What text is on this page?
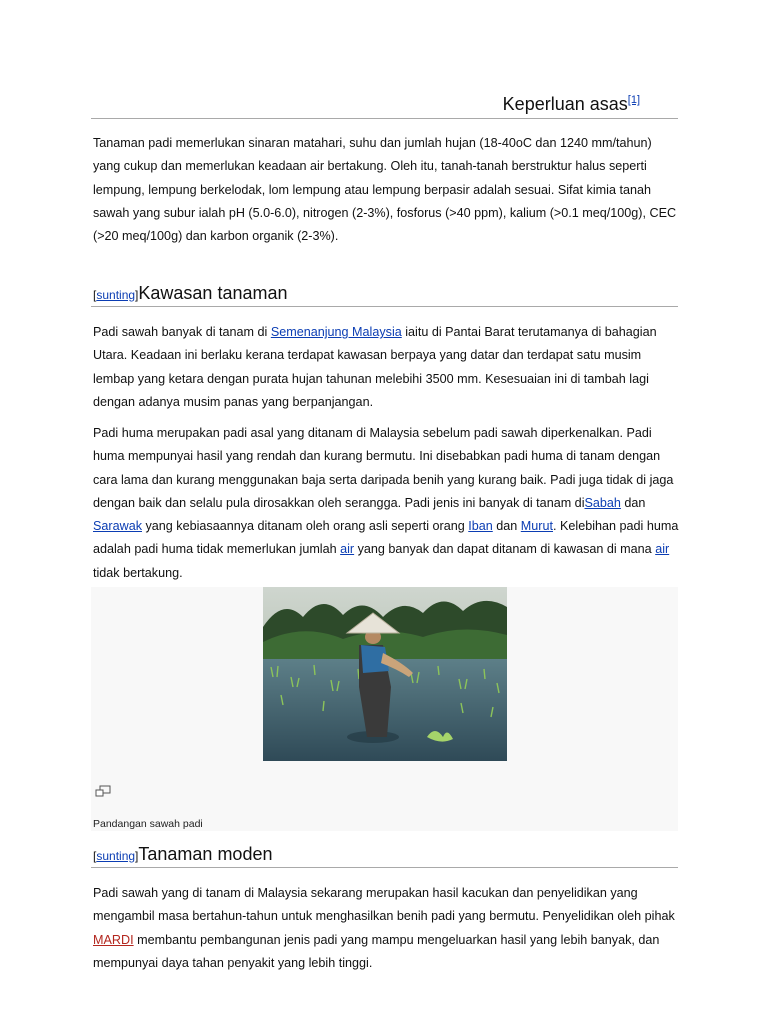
Keperluan asas[1]

Tanaman padi memerlukan sinaran matahari, suhu dan jumlah hujan (18-40oC dan 1240 mm/tahun) yang cukup dan memerlukan keadaan air bertakung. Oleh itu, tanah-tanah berstruktur halus seperti lempung, lempung berkelodak, lom lempung atau lempung berpasir adalah sesuai. Sifat kimia tanah sawah yang subur ialah pH (5.0-6.0), nitrogen (2-3%), fosforus (>40 ppm), kalium (>0.1 meq/100g), CEC (>20 meq/100g) dan karbon organik (2-3%).

[sunting]Kawasan tanaman

Padi sawah banyak di tanam di Semenanjung Malaysia iaitu di Pantai Barat terutamanya di bahagian Utara. Keadaan ini berlaku kerana terdapat kawasan berpaya yang datar dan terdapat satu musim lembap yang ketara dengan purata hujan tahunan melebihi 3500 mm. Kesesuaian ini di tambah lagi dengan adanya musim panas yang berpanjangan.

Padi huma merupakan padi asal yang ditanam di Malaysia sebelum padi sawah diperkenalkan. Padi huma mempunyai hasil yang rendah dan kurang bermutu. Ini disebabkan padi huma di tanam dengan cara lama dan kurang menggunakan baja serta daripada benih yang kurang baik. Padi juga tidak di jaga dengan baik dan selalu pula dirosakkan oleh serangga. Padi jenis ini banyak di tanam diSabah dan Sarawak yang kebiasaannya ditanam oleh orang asli seperti orang Iban dan Murut. Kelebihan padi huma adalah padi huma tidak memerlukan jumlah air yang banyak dan dapat ditanam di kawasan di mana air tidak bertakung.

Pandangan sawah padi
[sunting]Tanaman moden

Padi sawah yang di tanam di Malaysia sekarang merupakan hasil kacukan dan penyelidikan yang mengambil masa bertahun-tahun untuk menghasilkan benih padi yang bermutu. Penyelidikan oleh pihak MARDI membantu pembangunan jenis padi yang mampu mengeluarkan hasil yang lebih banyak, dan mempunyai daya tahan penyakit yang lebih tinggi.
